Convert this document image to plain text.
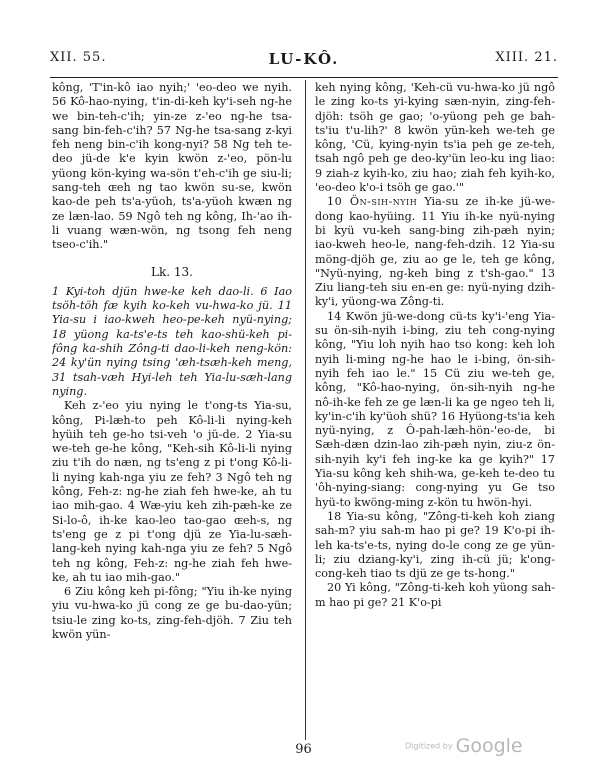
XII. 55.	LU-KÔ.	XIII. 21.

kông, 'T'in-kô iao nyih;' 'eo-deo we nyih. 56 Kô-hao-nying, t'in-di-keh ky'i-seh ng-he we bin-teh-c'ih; yin-ze z-'eo ng-he tsa-sang bin-feh-c'ih? 57 Ng-he tsa-sang z-kyi feh neng bin-c'ih kong-nyi? 58 Ng teh te-deo jü-de k'e kyin kwön z-'eo, pön-lu yüong kön-kying wa-sön t'eh-c'ih ge siu-li; sang-teh ɶeh ng tao kwön su-se, kwön kao-de peh ts'a-yüoh, ts'a-yüoh kwæn ng ze læn-lao. 59 Ngô teh ng kông, Ih-'ao ih-li vuang wæn-wön, ng tsong feh neng tseo-c'ih."

Lk. 13.

1 Kyi-toh djün hwe-ke keh dao-li. 6 Iao tsöh-töh fæ kyih ko-keh vu-hwa-ko jü. 11 Yia-su i iao-kweh heo-pe-keh nyü-nying; 18 yüong ka-ts'e-ts teh kao-shü-keh pi-fông ka-shih Zông-ti dao-li-keh neng-kön: 24 ky'ün nying tsing 'æh-tsæh-keh meng, 31 tsah-væh Hyi-leh teh Yia-lu-sæh-lang nying.

Keh z-'eo yiu nying le t'ong-ts Yia-su, kông, Pi-læh-to peh Kô-li-li nying-keh hyüih teh ge-ho tsi-veh 'o jü-de. 2 Yia-su we-teh ge-he kông, "Keh-sih Kô-li-li nying ziu t'ih do næn, ng ts'eng z pi t'ong Kô-li-li nying kah-nga yiu ze feh? 3 Ngô teh ng kông, Feh-z: ng-he ziah feh hwe-ke, ah tu iao mih-gao. 4 Wæ-yiu keh zih-pæh-ke ze Si-lo-ô, ih-ke kao-leo tao-gao ɶeh-s, ng ts'eng ge z pi t'ong djü ze Yia-lu-sæh-lang-keh nying kah-nga yiu ze feh? 5 Ngô teh ng kông, Feh-z: ng-he ziah feh hwe-ke, ah tu iao mih-gao."

6 Ziu kông keh pi-fông; "Yiu ih-ke nying yiu vu-hwa-ko jü cong ze ge bu-dao-yün; tsiu-le zing ko-ts, zing-feh-djöh. 7 Ziu teh kwön yün-

keh nying kông, 'Keh-cü vu-hwa-ko jü ngô le zing ko-ts yi-kying sæn-nyin, zing-feh-djöh: tsöh ge gao; 'o-yüong peh ge bah-ts'iu t'u-lih?' 8 kwön yün-keh we-teh ge kông, 'Cü, kying-nyin ts'ia peh ge ze-teh, tsah ngô peh ge deo-ky'ün leo-ku ing liao: 9 ziah-z kyih-ko, ziu hao; ziah feh kyih-ko, 'eo-deo k'o-i tsöh ge gao.'"

10 Ön-sih-nyih Yia-su ze ih-ke jü-we-dong kao-hyüing. 11 Yiu ih-ke nyü-nying bi kyü vu-keh sang-bing zih-pæh nyin; iao-kweh heo-le, nang-feh-dzih. 12 Yia-su möng-djöh ge, ziu ao ge le, teh ge kông, "Nyü-nying, ng-keh bing z t'sh-gao." 13 Ziu liang-teh siu en-en ge: nyü-nying dzih-ky'i, yüong-wa Zông-ti.

14 Kwön jü-we-dong cü-ts ky'i-'eng Yia-su ön-sih-nyih i-bing, ziu teh cong-nying kông, "Yiu loh nyih hao tso kong: keh loh nyih li-ming ng-he hao le i-bing, ön-sih-nyih feh iao le." 15 Cü ziu we-teh ge, kông, "Kô-hao-nying, ön-sih-nyih ng-he nô-ih-ke feh ze ge læn-li ka ge ngeo teh li, ky'in-c'ih ky'üoh shü? 16 Hyüong-ts'ia keh nyü-nying, z Ô-pah-læh-hön-'eo-de, bi Sæh-dæn dzin-lao zih-pæh nyin, ziu-z ön-sih-nyih ky'i feh ing-ke ka ge kyih?" 17 Yia-su kông keh shih-wa, ge-keh te-deo tu 'ôh-nying-siang: cong-nying yu Ge tso hyü-to kwöng-ming z-kön tu hwön-hyi.

18 Yia-su kông, "Zông-ti-keh koh ziang sah-m? yiu sah-m hao pi ge? 19 K'o-pi ih-leh ka-ts'e-ts, nying do-le cong ze ge yün-li; ziu dziang-ky'i, zing ih-cü jü; k'ong-cong-keh tiao ts djü ze ge ts-hong."

20 Yi kông, "Zông-ti-keh koh yüong sah-m hao pi ge? 21 K'o-pi

96	Digitized by Google
